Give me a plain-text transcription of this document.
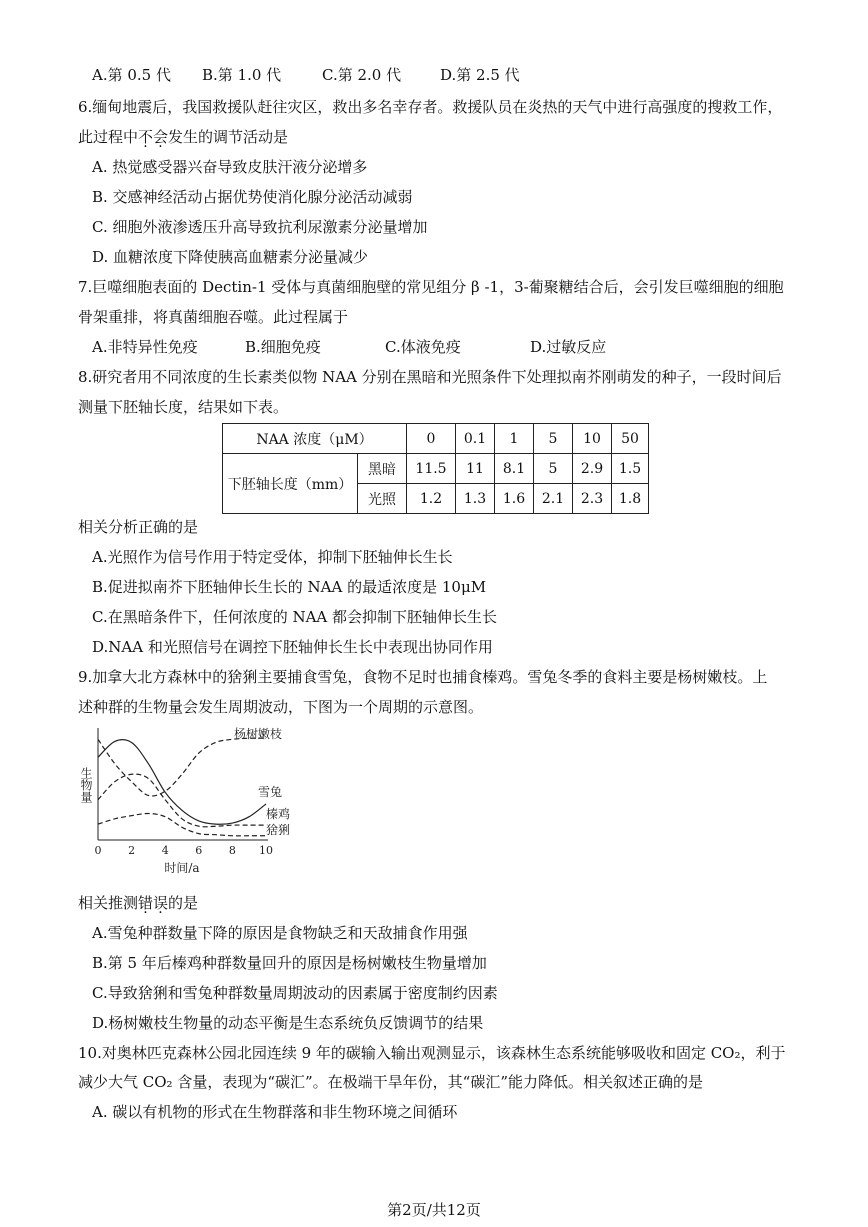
A.第 0.5 代 B.第 1.0 代	C.第 2.0 代	D.第 2.5 代
6.缅甸地震后，我国救援队赶往灾区，救出多名幸存者。救援队员在炎热的天气中进行高强度的搜救工作，
此过程中不会发生的调节活动是
A. 热觉感受器兴奋导致皮肤汗液分泌增多
B. 交感神经活动占据优势使消化腺分泌活动减弱
C. 细胞外液渗透压升高导致抗利尿激素分泌量增加
D. 血糖浓度下降使胰高血糖素分泌量减少
7.巨噬细胞表面的 Dectin-1 受体与真菌细胞壁的常见组分 β -1，3-葡聚糖结合后，会引发巨噬细胞的细胞
骨架重排，将真菌细胞吞噬。此过程属于
A.非特异性免疫	B.细胞免疫	C.体液免疫	D.过敏反应
8.研究者用不同浓度的生长素类似物 NAA 分别在黑暗和光照条件下处理拟南芥刚萌发的种子，一段时间后
测量下胚轴长度，结果如下表。
NAA 浓度（μM）		0	0.1	1	5	10	50
下胚轴长度（mm）	黑暗	11.5	11	8.1	5	2.9	1.5
	光照	1.2	1.3	1.6	2.1	2.3	1.8
相关分析正确的是
A.光照作为信号作用于特定受体，抑制下胚轴伸长生长
B.促进拟南芥下胚轴伸长生长的 NAA 的最适浓度是 10μM
C.在黑暗条件下，任何浓度的 NAA 都会抑制下胚轴伸长生长
D.NAA 和光照信号在调控下胚轴伸长生长中表现出协同作用
9.加拿大北方森林中的猞猁主要捕食雪兔，食物不足时也捕食榛鸡。雪兔冬季的食料主要是杨树嫩枝。上
述种群的生物量会发生周期波动，下图为一个周期的示意图。
0 2 4 6 8 10
时间/a
生物量
杨树嫩枝
雪兔
榛鸡
猞猁
相关推测错误的是
A.雪兔种群数量下降的原因是食物缺乏和天敌捕食作用强
B.第 5 年后榛鸡种群数量回升的原因是杨树嫩枝生物量增加
C.导致猞猁和雪兔种群数量周期波动的因素属于密度制约因素
D.杨树嫩枝生物量的动态平衡是生态系统负反馈调节的结果
10.对奥林匹克森林公园北园连续 9 年的碳输入输出观测显示，该森林生态系统能够吸收和固定 CO₂，利于
减少大气 CO₂ 含量，表现为“碳汇”。在极端干旱年份，其“碳汇”能力降低。相关叙述正确的是
A. 碳以有机物的形式在生物群落和非生物环境之间循环
第2页/共12页
